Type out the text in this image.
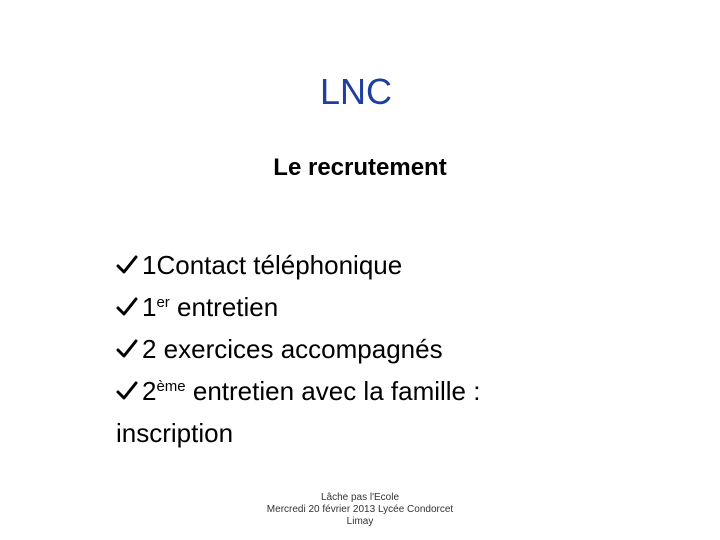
LNC
Le recrutement
1Contact téléphonique
1er entretien
2 exercices accompagnés
2ème entretien avec la famille :
inscription
Lâche pas l'Ecole
Mercredi 20 février 2013 Lycée Condorcet
Limay
